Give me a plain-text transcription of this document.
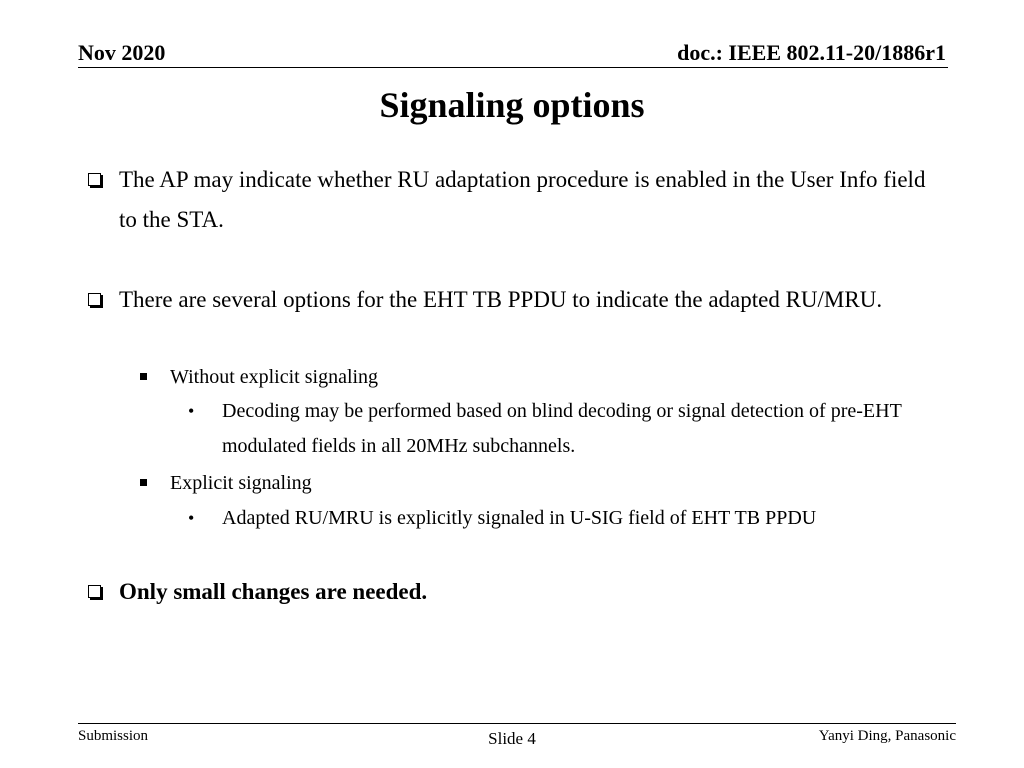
Nov 2020	doc.: IEEE 802.11-20/1886r1
Signaling options
The AP may indicate whether RU adaptation procedure is enabled in the User Info field to the STA.
There are several options for the EHT TB PPDU to indicate the adapted RU/MRU.
Without explicit signaling
• Decoding may be performed based on blind decoding or signal detection of pre-EHT modulated fields in all 20MHz subchannels.
Explicit signaling
• Adapted RU/MRU is explicitly signaled in U-SIG field of EHT TB PPDU
Only small changes are needed.
Submission	Slide 4	Yanyi Ding, Panasonic
